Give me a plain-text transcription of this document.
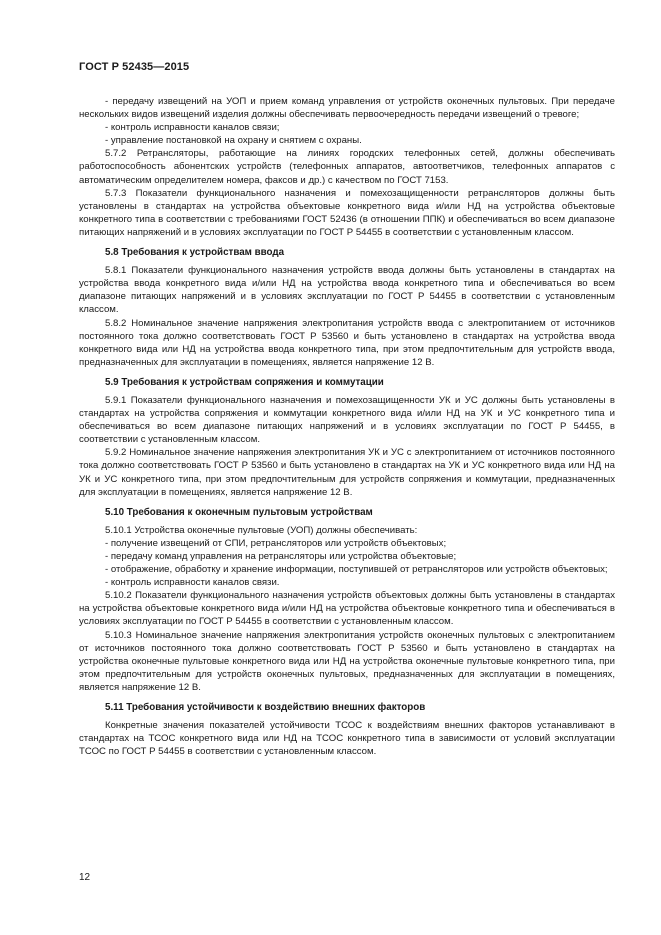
ГОСТ Р 52435—2015

- передачу извещений на УОП и прием команд управления от устройств оконечных пультовых. При передаче нескольких видов извещений изделия должны обеспечивать первоочередность передачи извещений о тревоге;

- контроль исправности каналов связи;

- управление постановкой на охрану и снятием с охраны.

5.7.2 Ретрансляторы, работающие на линиях городских телефонных сетей, должны обеспечивать работоспособность абонентских устройств (телефонных аппаратов, автоответчиков, телефонных аппаратов с автоматическим определителем номера, факсов и др.) с качеством по ГОСТ 7153.

5.7.3 Показатели функционального назначения и помехозащищенности ретрансляторов должны быть установлены в стандартах на устройства объектовые конкретного вида и/или НД на устройства объектовые конкретного типа в соответствии с требованиями ГОСТ 52436 (в отношении ППК) и обеспечиваться во всем диапазоне питающих напряжений и в условиях эксплуатации по ГОСТ Р 54455 в соответствии с установленным классом.

5.8 Требования к устройствам ввода

5.8.1 Показатели функционального назначения устройств ввода должны быть установлены в стандартах на устройства ввода конкретного вида и/или НД на устройства ввода конкретного типа и обеспечиваться во всем диапазоне питающих напряжений и в условиях эксплуатации по ГОСТ Р 54455 в соответствии с установленным классом.

5.8.2 Номинальное значение напряжения электропитания устройств ввода с электропитанием от источников постоянного тока должно соответствовать ГОСТ Р 53560 и быть установлено в стандартах на устройства ввода конкретного вида или НД на устройства ввода конкретного типа, при этом предпочтительным для устройств ввода, предназначенных для эксплуатации в помещениях, является напряжение 12 В.

5.9 Требования к устройствам сопряжения и коммутации

5.9.1 Показатели функционального назначения и помехозащищенности УК и УС должны быть установлены в стандартах на устройства сопряжения и коммутации конкретного вида и/или НД на УК и УС конкретного типа и обеспечиваться во всем диапазоне питающих напряжений и в условиях эксплуатации по ГОСТ Р 54455, в соответствии с установленным классом.

5.9.2 Номинальное значение напряжения электропитания УК и УС с электропитанием от источников постоянного тока должно соответствовать ГОСТ Р 53560 и быть установлено в стандартах на УК и УС конкретного вида или НД на УК и УС конкретного типа, при этом предпочтительным для устройств сопряжения и коммутации, предназначенных для эксплуатации в помещениях, является напряжение 12 В.

5.10 Требования к оконечным пультовым устройствам

5.10.1 Устройства оконечные пультовые (УОП) должны обеспечивать:

- получение извещений от СПИ, ретрансляторов или устройств объектовых;

- передачу команд управления на ретрансляторы или устройства объектовые;

- отображение, обработку и хранение информации, поступившей от ретрансляторов или устройств объектовых;

- контроль исправности каналов связи.

5.10.2 Показатели функционального назначения устройств объектовых должны быть установлены в стандартах на устройства объектовые конкретного вида и/или НД на устройства объектовые конкретного типа и обеспечиваться в условиях эксплуатации по ГОСТ Р 54455 в соответствии с установленным классом.

5.10.3 Номинальное значение напряжения электропитания устройств оконечных пультовых с электропитанием от источников постоянного тока должно соответствовать ГОСТ Р 53560 и быть установлено в стандартах на устройства оконечные пультовые конкретного вида или НД на устройства оконечные пультовые конкретного типа, при этом предпочтительным для устройств оконечных пультовых, предназначенных для эксплуатации в помещениях, является напряжение 12 В.

5.11 Требования устойчивости к воздействию внешних факторов

Конкретные значения показателей устойчивости ТСОС к воздействиям внешних факторов устанавливают в стандартах на ТСОС конкретного вида или НД на ТСОС конкретного типа в зависимости от условий эксплуатации ТСОС по ГОСТ Р 54455 в соответствии с установленным классом.

12
